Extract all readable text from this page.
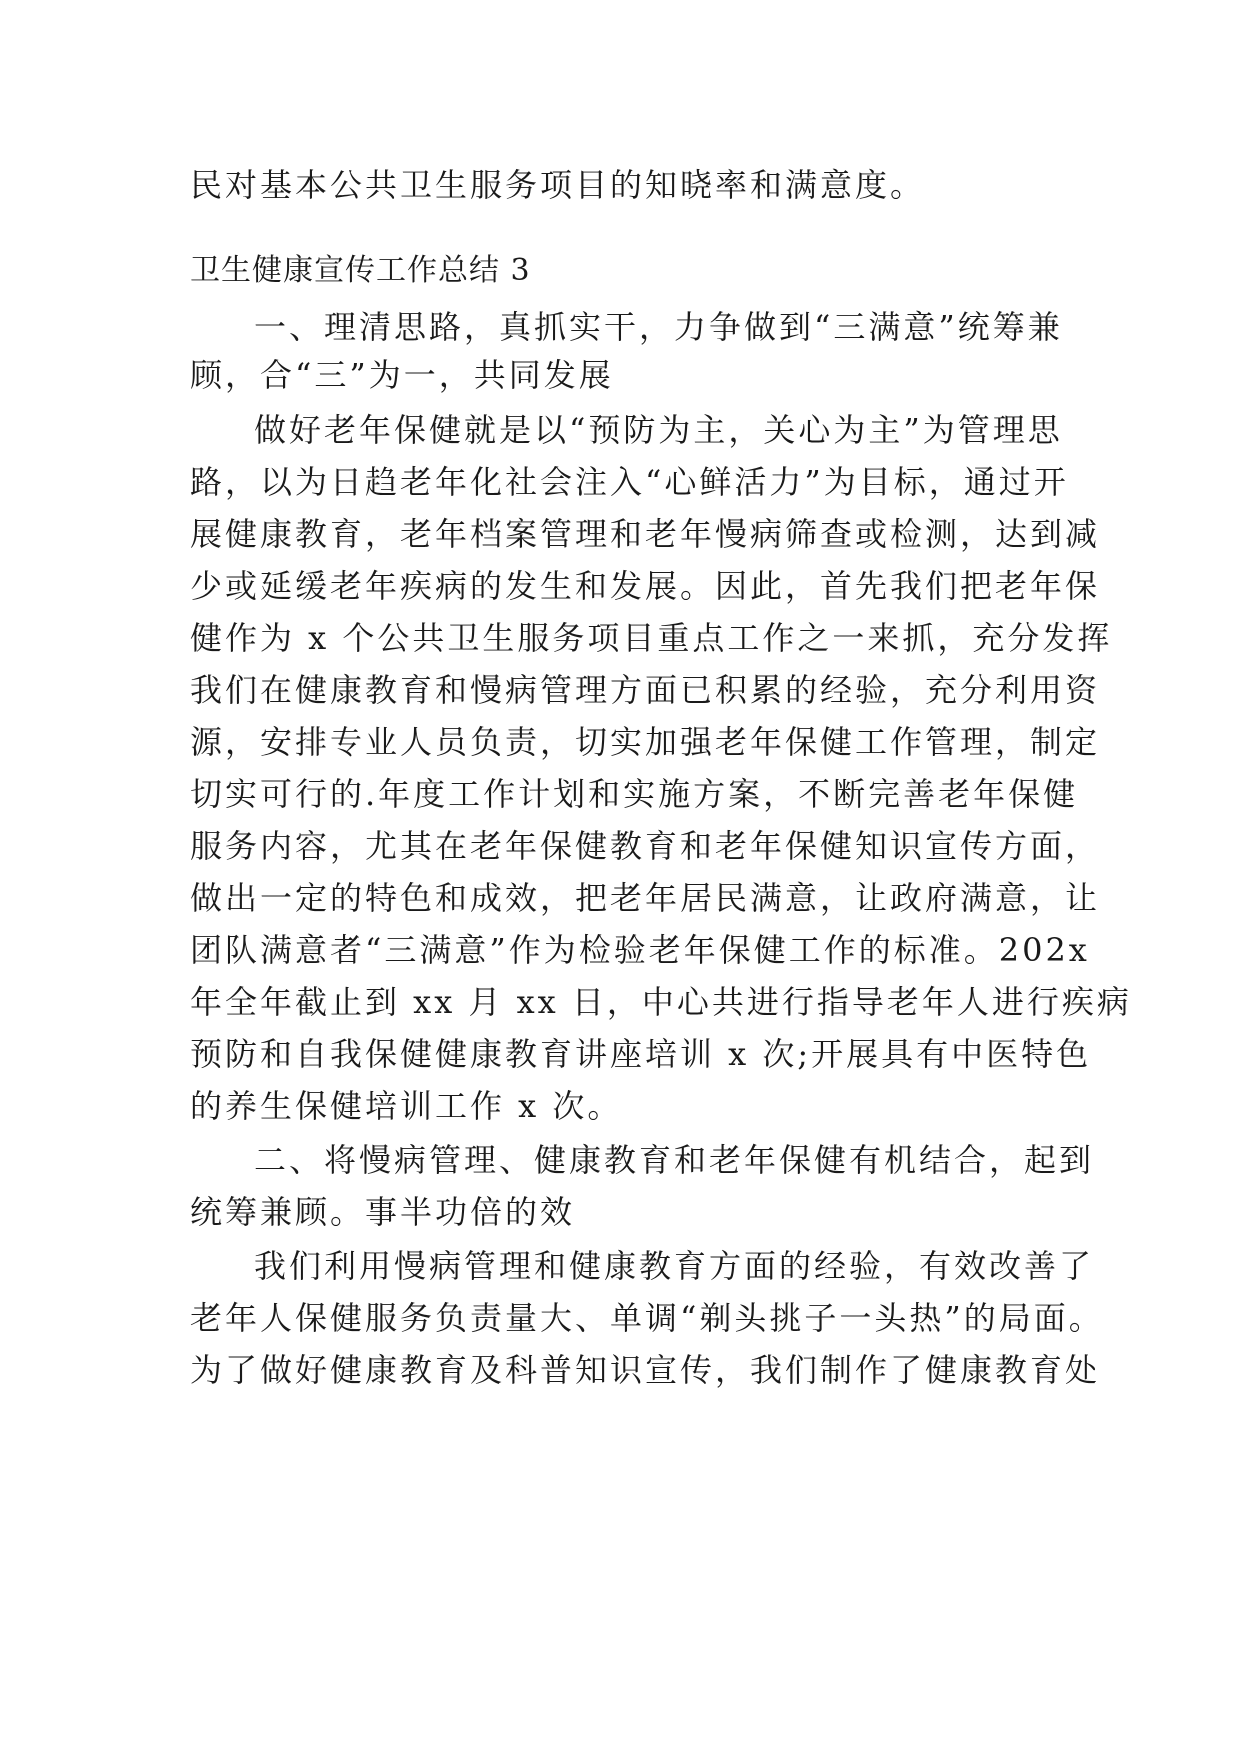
民对基本公共卫生服务项目的知晓率和满意度。
卫生健康宣传工作总结 3
一、理清思路，真抓实干，力争做到“三满意”统筹兼
顾，合“三”为一，共同发展
做好老年保健就是以“预防为主，关心为主”为管理思
路，以为日趋老年化社会注入“心鲜活力”为目标，通过开
展健康教育，老年档案管理和老年慢病筛查或检测，达到减
少或延缓老年疾病的发生和发展。因此，首先我们把老年保
健作为 x 个公共卫生服务项目重点工作之一来抓，充分发挥
我们在健康教育和慢病管理方面已积累的经验，充分利用资
源，安排专业人员负责，切实加强老年保健工作管理，制定
切实可行的.年度工作计划和实施方案，不断完善老年保健
服务内容，尤其在老年保健教育和老年保健知识宣传方面，
做出一定的特色和成效，把老年居民满意，让政府满意，让
团队满意者“三满意”作为检验老年保健工作的标准。202x
年全年截止到 xx 月 xx 日，中心共进行指导老年人进行疾病
预防和自我保健健康教育讲座培训 x 次;开展具有中医特色
的养生保健培训工作 x 次。
二、将慢病管理、健康教育和老年保健有机结合，起到
统筹兼顾。事半功倍的效
我们利用慢病管理和健康教育方面的经验，有效改善了
老年人保健服务负责量大、单调“剃头挑子一头热”的局面。
为了做好健康教育及科普知识宣传，我们制作了健康教育处
